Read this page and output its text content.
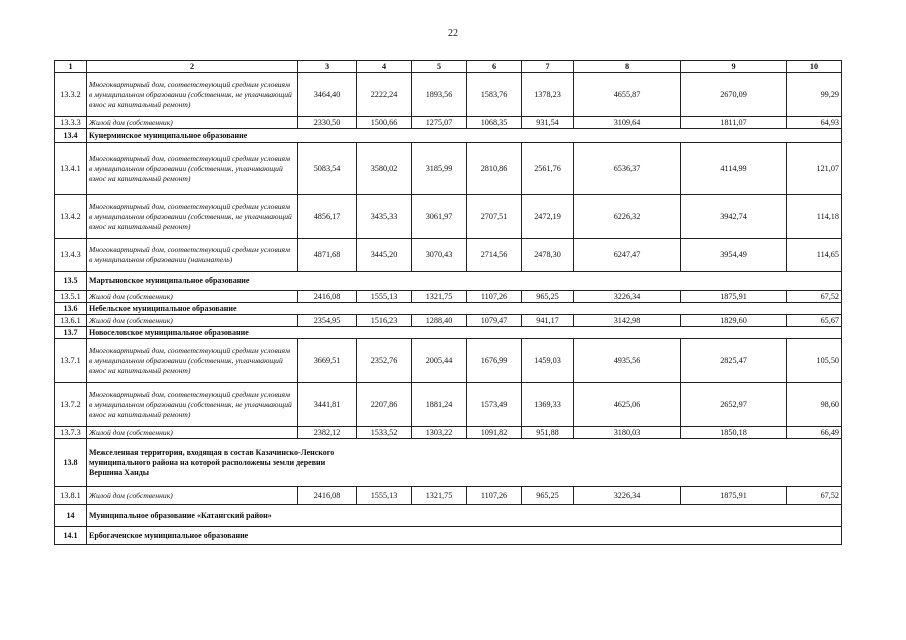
22
1	2	3	4	5	6	7	8	9	10
13.3.2	Многоквартирный дом, соответствующий средним условиям в муниципальном образовании (собственник, не уплачивающий взнос на капитальный ремонт)	3464,40	2222,24	1893,56	1583,76	1378,23	4655,87	2670,09	99,29
13.3.3	Жилой дом (собственник)	2330,50	1500,66	1275,07	1068,35	931,54	3109,64	1811,07	64,93
13.4	Кунерминское муниципальное образование								
13.4.1	Многоквартирный дом, соответствующий средним условиям в муниципальном образовании (собственник, уплачивающий взнос на капитальный ремонт)	5083,54	3580,02	3185,99	2810,86	2561,76	6536,37	4114,99	121,07
13.4.2	Многоквартирный дом, соответствующий средним условиям в муниципальном образовании (собственник, не уплачивающий взнос на капитальный ремонт)	4856,17	3435,33	3061,97	2707,51	2472,19	6226,32	3942,74	114,18
13.4.3	Многоквартирный дом, соответствующий средним условиям в муниципальном образовании (наниматель)	4871,68	3445,20	3070,43	2714,56	2478,30	6247,47	3954,49	114,65
13.5	Мартыновское муниципальное образование								
13.5.1	Жилой дом (собственник)	2416,08	1555,13	1321,75	1107,26	965,25	3226,34	1875,91	67,52
13.6	Небельское муниципальное образование								
13.6.1	Жилой дом (собственник)	2354,95	1516,23	1288,40	1079,47	941,17	3142,98	1829,60	65,67
13.7	Новоселовское муниципальное образование								
13.7.1	Многоквартирный дом, соответствующий средним условиям в муниципальном образовании (собственник, уплачивающий взнос на капитальный ремонт)	3669,51	2352,76	2005,44	1676,99	1459,03	4935,56	2825,47	105,50
13.7.2	Многоквартирный дом, соответствующий средним условиям в муниципальном образовании (собственник, не уплачивающий взнос на капитальный ремонт)	3441,81	2207,86	1881,24	1573,49	1369,33	4625,06	2652,97	98,60
13.7.3	Жилой дом (собственник)	2382,12	1533,52	1303,22	1091,82	951,88	3180,03	1850,18	66,49
13.8	Межселенная территория, входящая в состав Казачинско-Ленского муниципального района на которой расположены земли деревни Вершина Ханды								
13.8.1	Жилой дом (собственник)	2416,08	1555,13	1321,75	1107,26	965,25	3226,34	1875,91	67,52
14	Муниципальное образование «Катангский район»								
14.1	Ербогаченское муниципальное образование								
